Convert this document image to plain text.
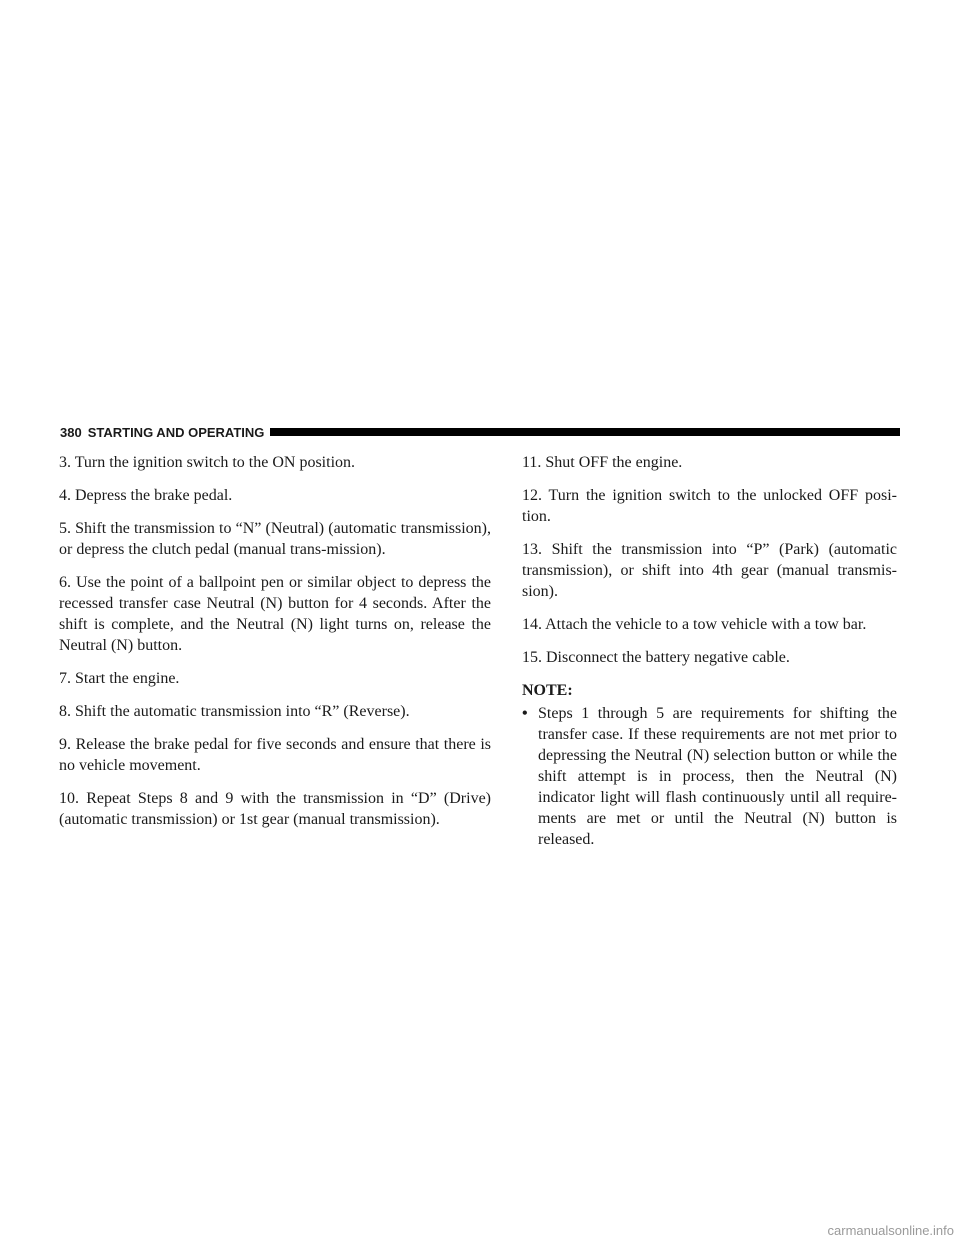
380 STARTING AND OPERATING

3. Turn the ignition switch to the ON position.

4. Depress the brake pedal.

5. Shift the transmission to “N” (Neutral) (automatic transmission), or depress the clutch pedal (manual trans-mission).

6. Use the point of a ballpoint pen or similar object to depress the recessed transfer case Neutral (N) button for 4 seconds. After the shift is complete, and the Neutral (N) light turns on, release the Neutral (N) button.

7. Start the engine.

8. Shift the automatic transmission into “R” (Reverse).

9. Release the brake pedal for five seconds and ensure that there is no vehicle movement.

10. Repeat Steps 8 and 9 with the transmission in “D” (Drive) (automatic transmission) or 1st gear (manual transmission).

11. Shut OFF the engine.

12. Turn the ignition switch to the unlocked OFF posi-tion.

13. Shift the transmission into “P” (Park) (automatic transmission), or shift into 4th gear (manual transmis-sion).

14. Attach the vehicle to a tow vehicle with a tow bar.

15. Disconnect the battery negative cable.

NOTE:
• Steps 1 through 5 are requirements for shifting the transfer case. If these requirements are not met prior to depressing the Neutral (N) selection button or while the shift attempt is in process, then the Neutral (N) indicator light will flash continuously until all require-ments are met or until the Neutral (N) button is released.
carmanualsonline.info
